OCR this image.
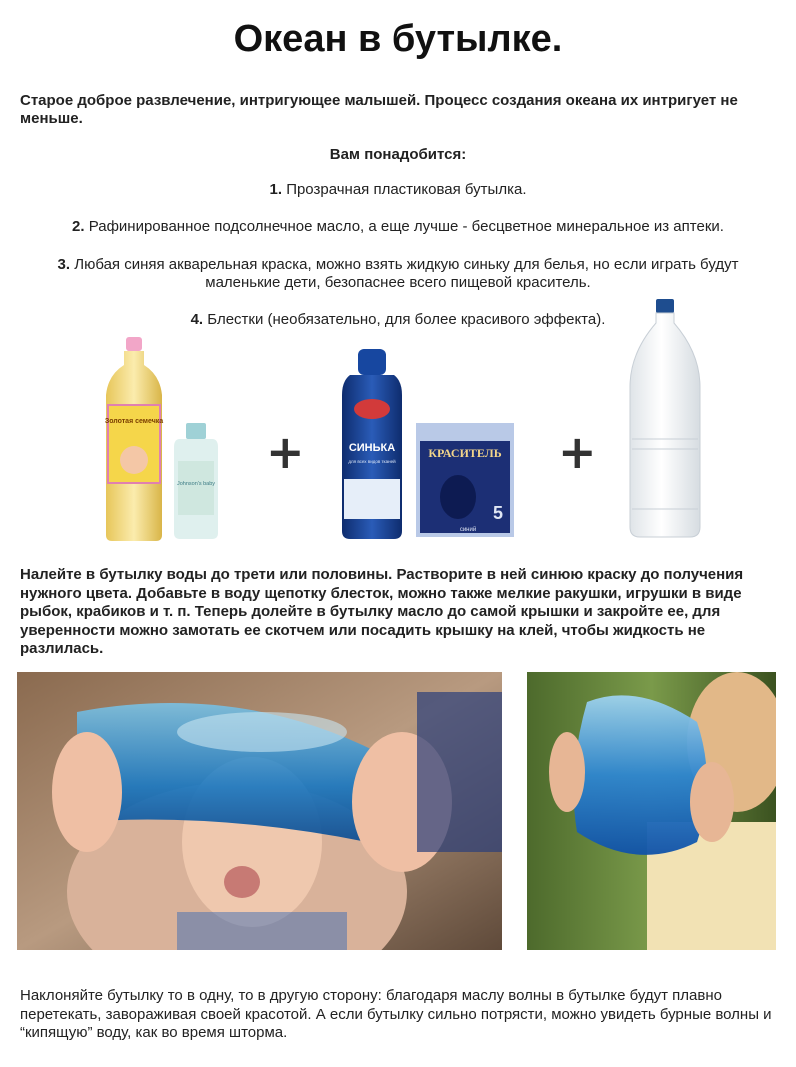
Океан в бутылке.
Старое доброе развлечение, интригующее малышей. Процесс создания океана их интригует не меньше.
Вам понадобится:
1. Прозрачная пластиковая бутылка.
2. Рафинированное подсолнечное масло, а еще лучше - бесцветное минеральное из аптеки.
3. Любая синяя акварельная краска, можно взять жидкую синьку для белья, но если играть будут маленькие дети, безопаснее всего пищевой краситель.
4. Блестки (необязательно, для более красивого эффекта).
Золотая семечка
Johnson's baby
+	СИНЬКА
для всех видов тканей
КРАСИТЕЛЬ
5
синий
+
Налейте в бутылку воды до трети или половины. Растворите в ней синюю краску до получения нужного цвета. Добавьте в воду щепотку блесток, можно также мелкие ракушки, игрушки в виде рыбок, крабиков и т. п. Теперь долейте в бутылку масло до самой крышки и закройте ее, для уверенности можно замотать ее скотчем или посадить крышку на клей, чтобы жидкость не разлилась.
Наклоняйте бутылку то в одну, то в другую сторону: благодаря маслу волны в бутылке будут плавно перетекать, завораживая своей красотой. А если бутылку сильно потрясти, можно увидеть бурные волны и “кипящую” воду, как во время шторма.
